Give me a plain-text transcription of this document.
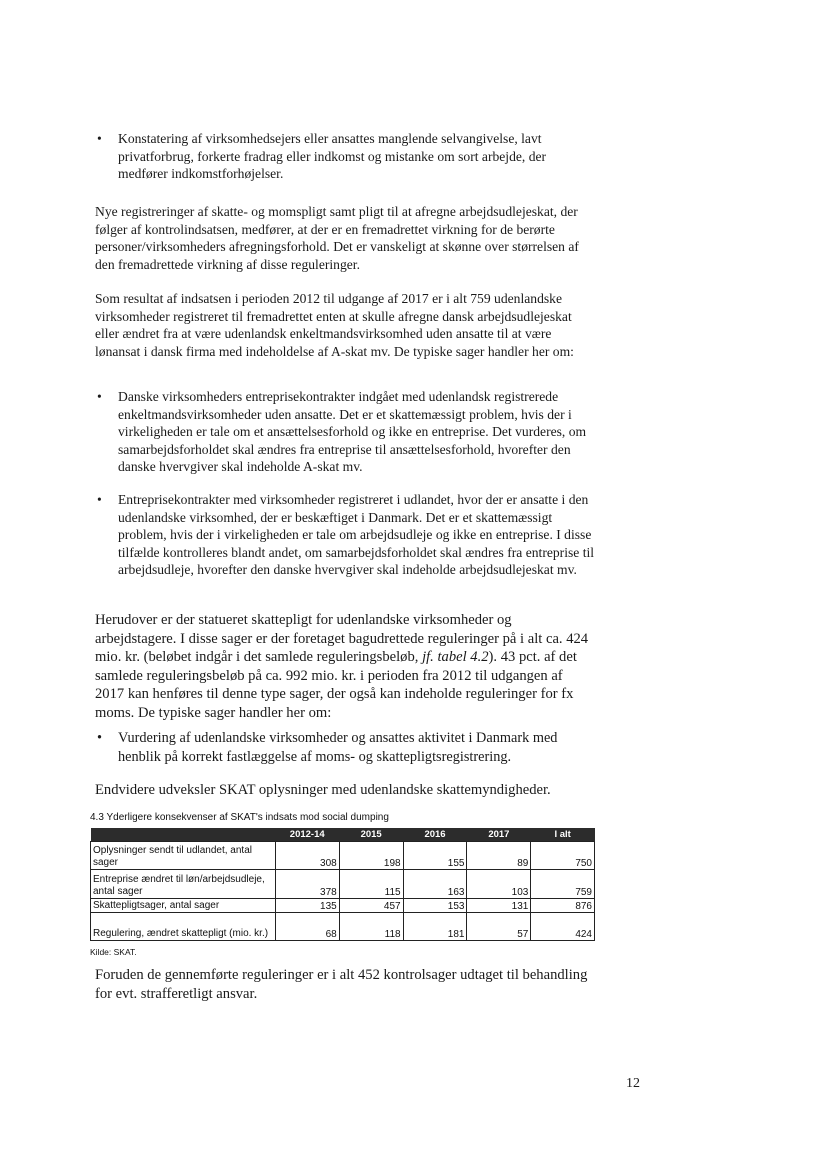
• Konstatering af virksomhedsejers eller ansattes manglende selvangivelse, lavt privatforbrug, forkerte fradrag eller indkomst og mistanke om sort arbejde, der medfører indkomstforhøjelser.
Nye registreringer af skatte- og momspligt samt pligt til at afregne arbejdsudlejeskat, der følger af kontrolindsatsen, medfører, at der er en fremadrettet virkning for de berørte personer/virksomheders afregningsforhold. Det er vanskeligt at skønne over størrelsen af den fremadrettede virkning af disse reguleringer.
Som resultat af indsatsen i perioden 2012 til udgange af 2017 er i alt 759 udenlandske virksomheder registreret til fremadrettet enten at skulle afregne dansk arbejdsudlejeskat eller ændret fra at være udenlandsk enkeltmandsvirksomhed uden ansatte til at være lønansat i dansk firma med indeholdelse af A-skat mv. De typiske sager handler her om:
• Danske virksomheders entreprisekontrakter indgået med udenlandsk registrerede enkeltmandsvirksomheder uden ansatte. Det er et skattemæssigt problem, hvis der i virkeligheden er tale om et ansættelsesforhold og ikke en entreprise. Det vurderes, om samarbejdsforholdet skal ændres fra entreprise til ansættelsesforhold, hvorefter den danske hvervgiver skal indeholde A-skat mv.
• Entreprisekontrakter med virksomheder registreret i udlandet, hvor der er ansatte i den udenlandske virksomhed, der er beskæftiget i Danmark. Det er et skattemæssigt problem, hvis der i virkeligheden er tale om arbejdsudleje og ikke en entreprise. I disse tilfælde kontrolleres blandt andet, om samarbejdsforholdet skal ændres fra entreprise til arbejdsudleje, hvorefter den danske hvervgiver skal indeholde arbejdsudlejeskat mv.
Herudover er der statueret skattepligt for udenlandske virksomheder og arbejdstagere. I disse sager er der foretaget bagudrettede reguleringer på i alt ca. 424 mio. kr. (beløbet indgår i det samlede reguleringsbeløb, jf. tabel 4.2). 43 pct. af det samlede reguleringsbeløb på ca. 992 mio. kr. i perioden fra 2012 til udgangen af 2017 kan henføres til denne type sager, der også kan indeholde reguleringer for fx moms. De typiske sager handler her om:
• Vurdering af udenlandske virksomheder og ansattes aktivitet i Danmark med henblik på korrekt fastlæggelse af moms- og skattepligtsregistrering.
Endvidere udveksler SKAT oplysninger med udenlandske skattemyndigheder.
4.3 Yderligere konsekvenser af SKAT's indsats mod social dumping
	2012-14	2015	2016	2017	I alt
Oplysninger sendt til udlandet, antal sager	308	198	155	89	750
Entreprise ændret til løn/arbejdsudleje, antal sager	378	115	163	103	759
Skattepligtsager, antal sager	135	457	153	131	876
Regulering, ændret skattepligt (mio. kr.)	68	118	181	57	424
Kilde: SKAT.
Foruden de gennemførte reguleringer er i alt 452 kontrolsager udtaget til behandling for evt. strafferetligt ansvar.
12
